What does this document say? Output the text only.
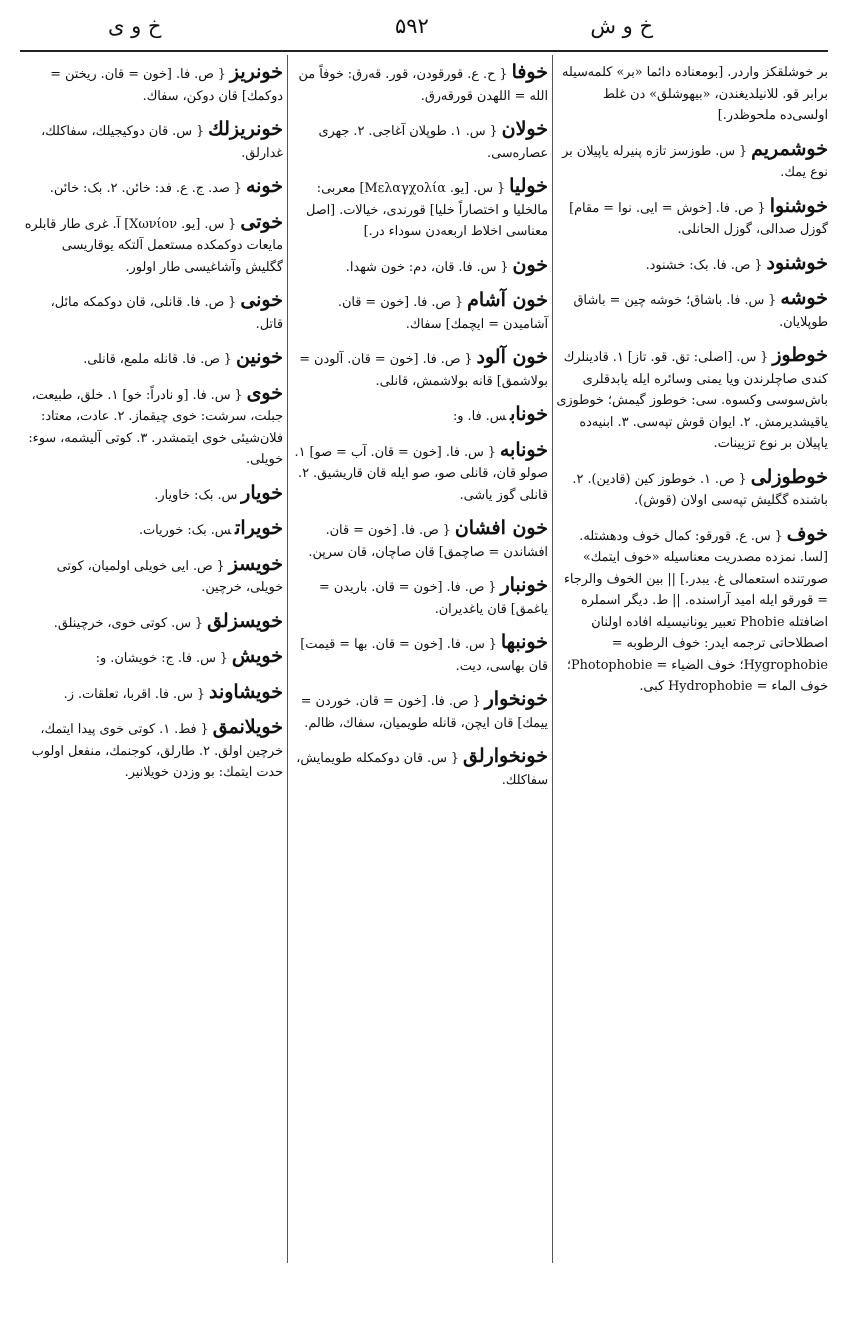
خ و ش
۵۹۲
خ و ی

بر خوشلقکز واردر. [بومعناده دائما «بر» کلمه‌سیله برابر قو. للانیلدیغندن، «بیهوشلق» دن غلط اولسی‌ده ملحوظدر.]

خوشمریم{ س. طوزسز تازه پنیرله یاپیلان بر نوع یمك.

خوشنوا{ ص. فا. [خوش = ایی. نوا = مقام] گوزل صدالی، گوزل الحانلی.

خوشنود{ ص. فا. بک: خشنود.

خوشه{ س. فا. باشاق؛ خوشه چین = باشاق طوپلایان.

خوطوز{ س. [اصلی: تق. قو. تاز] ۱. قادینلرك کندی صاچلرندن ویا یمنی وسائره ایله یابدقلری باش‌سوسی وکسوه. سی: خوطوز گیمش؛ خوطوزی یاقیشدیرمش. ۲. ایوان قوش تپه‌سی. ۳. ابنیه‌ده یاپیلان بر نوع تزیینات.

خوطوزلی{ ص. ۱. خوطوز کین (قادین). ۲. باشنده گگلیش تپه‌سی اولان (قوش).

خوف{ س. ع. قورقو: کمال خوف ودهشتله. [لسا. نمزده مصدریت معناسیله «خوف ایتمك» صورتنده استعمالی غ. یبدر.] || بین الخوف والرجاء = قورقو ایله امید آراسنده. || ط. دیگر اسملره اضافتله Phobie تعبیر یونانیسیله افاده اولنان اصطلاحاتی ترجمه ایدر: خوف الرطوبه = Hygrophobie؛ خوف الضیاء = Photophobie؛ خوف الماء = Hydrophobie کبی.

خوفا{ ح. ع. قورقودن، قور. قەرق: خوفاً من الله = اللهدن قورقەرق.

خولان{ س. ۱. طوپلان آغاجی. ۲. جهری عصاره‌سی.

خولیا{ س. [یو. Μελαγχολία] معربی: مالخلیا و اختصاراً خلیا] قورندی، خیالات. [اصل معناسی اخلاط اربعه‌دن سوداء در.]

خون{ س. فا. قان، دم: خون شهدا.

خون آشام{ ص. فا. [خون = قان. آشامیدن = ایچمك] سفاك.

خون آلود{ ص. فا. [خون = قان. آلودن = بولاشمق] قانه بولاشمش، قانلی.

خونابس. فا. و:

خونابه{ س. فا. [خون = قان. آب = صو] ۱. صولو قان، قانلی صو، صو ایله قان قاریشیق. ۲. قانلی گوز یاشی.

خون افشان{ ص. فا. [خون = قان. افشاندن = صاچمق] قان صاچان، قان سرپن.

خونبار{ ص. فا. [خون = قان. باریدن = یاغمق] قان یاغدیران.

خونبها{ س. فا. [خون = قان. بها = قیمت] قان بهاسی، دیت.

خونخوار{ ص. فا. [خون = قان. خوردن = ییمك] قان ایچن، قانله طویمیان، سفاك، ظالم.

خونخوارلق{ س. قان دوکمکله طویمایش، سفاکلك.

خونریز{ ص. فا. [خون = قان. ریختن = دوکمك] قان دوکن، سفاك.

خونریزلك{ س. قان دوکیجیلك، سفاکلك، غدارلق.

خونه{ صد. ج. ع. فد: خائن. ۲. بک: خائن.

خوتی{ س. [یو. Χωνίον] آ. غری طار قابلره مایعات دوکمکده مستعمل آلتکه یوقاریسی گگلیش وآشاغیسی طار اولور.

خونی{ ص. فا. قانلی، قان دوکمکه مائل، قاتل.

خونین{ ص. فا. قانله ملمع، قانلی.

خوی{ س. فا. [و نادراً: خو] ۱. خلق، طبیعت، جبلت، سرشت: خوی چیقماز. ۲. عادت، معتاد: فلان‌شیئی خوی ایتمشدر. ۳. کوتی آلیشمه، سوء: خویلی.

خویارس. بک: خاویار.

خویراتس. بک: خوریات.

خویسز{ ص. ایی خویلی اولمیان، کوتی خویلی، خرچین.

خویسزلق{ س. کوتی خوی، خرچینلق.

خویش{ س. فا. ج: خویشان. و:

خویشاوند{ س. فا. اقربا، تعلقات. ز.

خویلانمق{ فط. ۱. کوتی خوی پیدا ایتمك، خرچین اولق. ۲. طارلق، کوجنمك، منفعل اولوب حدت ایتمك: بو وزدن خویلانیر.
